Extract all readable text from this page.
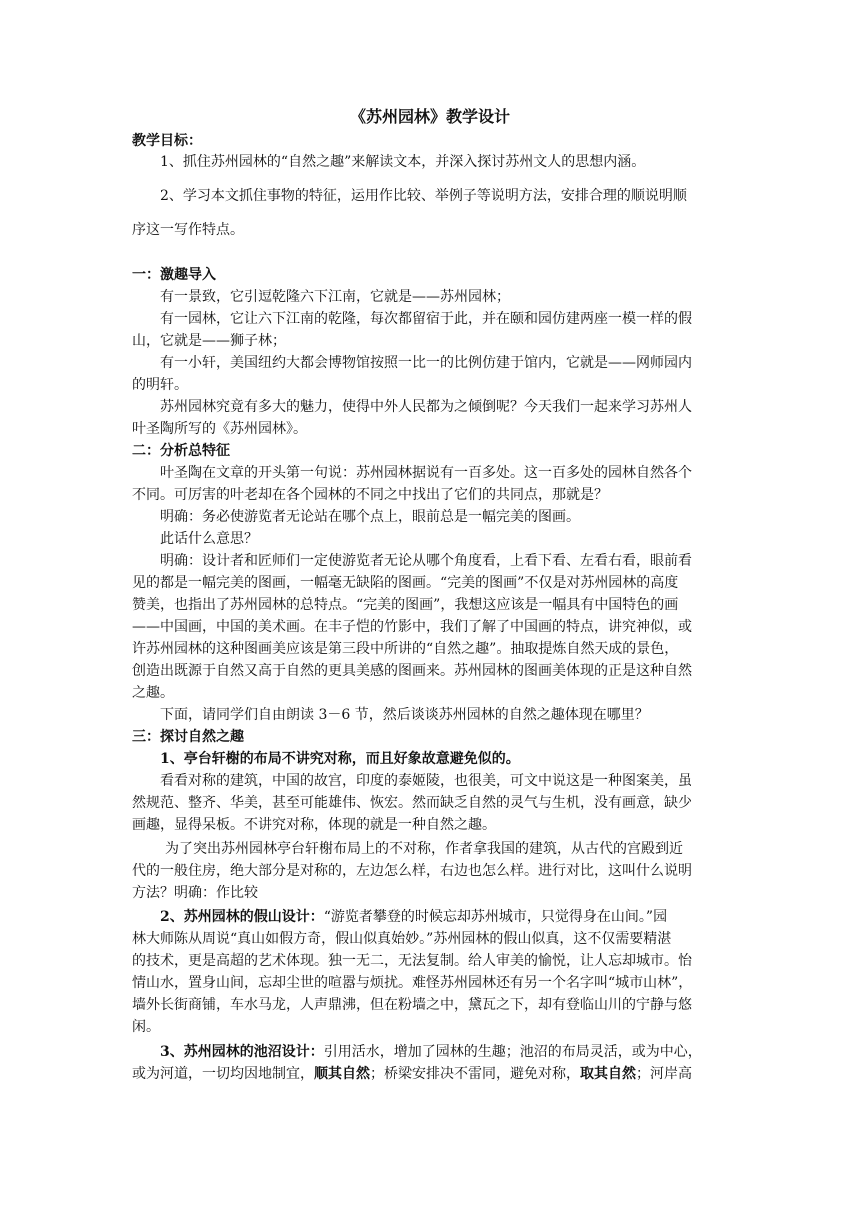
《苏州园林》教学设计
教学目标：
1、抓住苏州园林的“自然之趣”来解读文本，并深入探讨苏州文人的思想内涵。
2、学习本文抓住事物的特征，运用作比较、举例子等说明方法，安排合理的顺说明顺
序这一写作特点。
一：激趣导入
有一景致，它引逗乾隆六下江南，它就是——苏州园林；
有一园林，它让六下江南的乾隆，每次都留宿于此，并在颐和园仿建两座一模一样的假
山，它就是——狮子林；
有一小轩，美国纽约大都会博物馆按照一比一的比例仿建于馆内，它就是——网师园内
的明轩。
苏州园林究竟有多大的魅力，使得中外人民都为之倾倒呢？今天我们一起来学习苏州人
叶圣陶所写的《苏州园林》。
二：分析总特征
叶圣陶在文章的开头第一句说：苏州园林据说有一百多处。这一百多处的园林自然各个
不同。可厉害的叶老却在各个园林的不同之中找出了它们的共同点，那就是？
明确：务必使游览者无论站在哪个点上，眼前总是一幅完美的图画。
此话什么意思？
明确：设计者和匠师们一定使游览者无论从哪个角度看，上看下看、左看右看，眼前看
见的都是一幅完美的图画，一幅毫无缺陷的图画。“完美的图画”不仅是对苏州园林的高度
赞美，也指出了苏州园林的总特点。“完美的图画”，我想这应该是一幅具有中国特色的画
——中国画，中国的美术画。在丰子恺的竹影中，我们了解了中国画的特点，讲究神似，或
许苏州园林的这种图画美应该是第三段中所讲的“自然之趣”。抽取提炼自然天成的景色，
创造出既源于自然又高于自然的更具美感的图画来。苏州园林的图画美体现的正是这种自然
之趣。
下面，请同学们自由朗读 3－6 节，然后谈谈苏州园林的自然之趣体现在哪里？
三：探讨自然之趣
1、亭台轩榭的布局不讲究对称，而且好象故意避免似的。
看看对称的建筑，中国的故宫，印度的泰姬陵，也很美，可文中说这是一种图案美，虽
然规范、整齐、华美，甚至可能雄伟、恢宏。然而缺乏自然的灵气与生机，没有画意，缺少
画趣，显得呆板。不讲究对称，体现的就是一种自然之趣。
为了突出苏州园林亭台轩榭布局上的不对称，作者拿我国的建筑，从古代的宫殿到近
代的一般住房，绝大部分是对称的，左边怎么样，右边也怎么样。进行对比，这叫什么说明
方法？明确：作比较
2、苏州园林的假山设计：“游览者攀登的时候忘却苏州城市，只觉得身在山间。”园
林大师陈从周说“真山如假方奇，假山似真始妙。”苏州园林的假山似真，这不仅需要精湛
的技术，更是高超的艺术体现。独一无二，无法复制。给人审美的愉悦，让人忘却城市。怡
情山水，置身山间，忘却尘世的喧嚣与烦扰。难怪苏州园林还有另一个名字叫“城市山林”，
墙外长街商铺，车水马龙，人声鼎沸，但在粉墙之中，黛瓦之下，却有登临山川的宁静与悠
闲。
3、苏州园林的池沼设计：引用活水，增加了园林的生趣；池沼的布局灵活，或为中心，
或为河道，一切均因地制宜，顺其自然；桥梁安排决不雷同，避免对称，取其自然；河岸高
